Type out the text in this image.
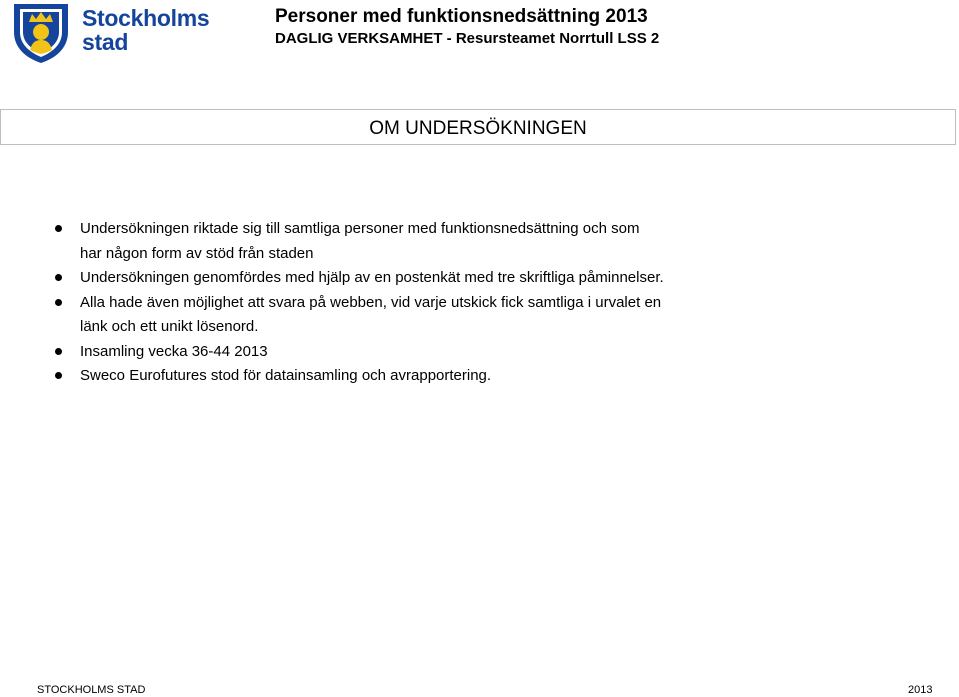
Stockholms
stad
Personer med funktionsnedsättning 2013
DAGLIG VERKSAMHET - Resursteamet Norrtull LSS 2
OM UNDERSÖKNINGEN
Undersökningen riktade sig till samtliga personer med funktionsnedsättning och som har någon form av stöd från staden
Undersökningen genomfördes med hjälp av en postenkät med tre skriftliga påminnelser.
Alla hade även möjlighet att svara på webben, vid varje utskick fick samtliga i urvalet en länk och ett unikt lösenord.
Insamling vecka 36-44 2013
Sweco Eurofutures stod för datainsamling och avrapportering.
STOCKHOLMS STAD	2013
